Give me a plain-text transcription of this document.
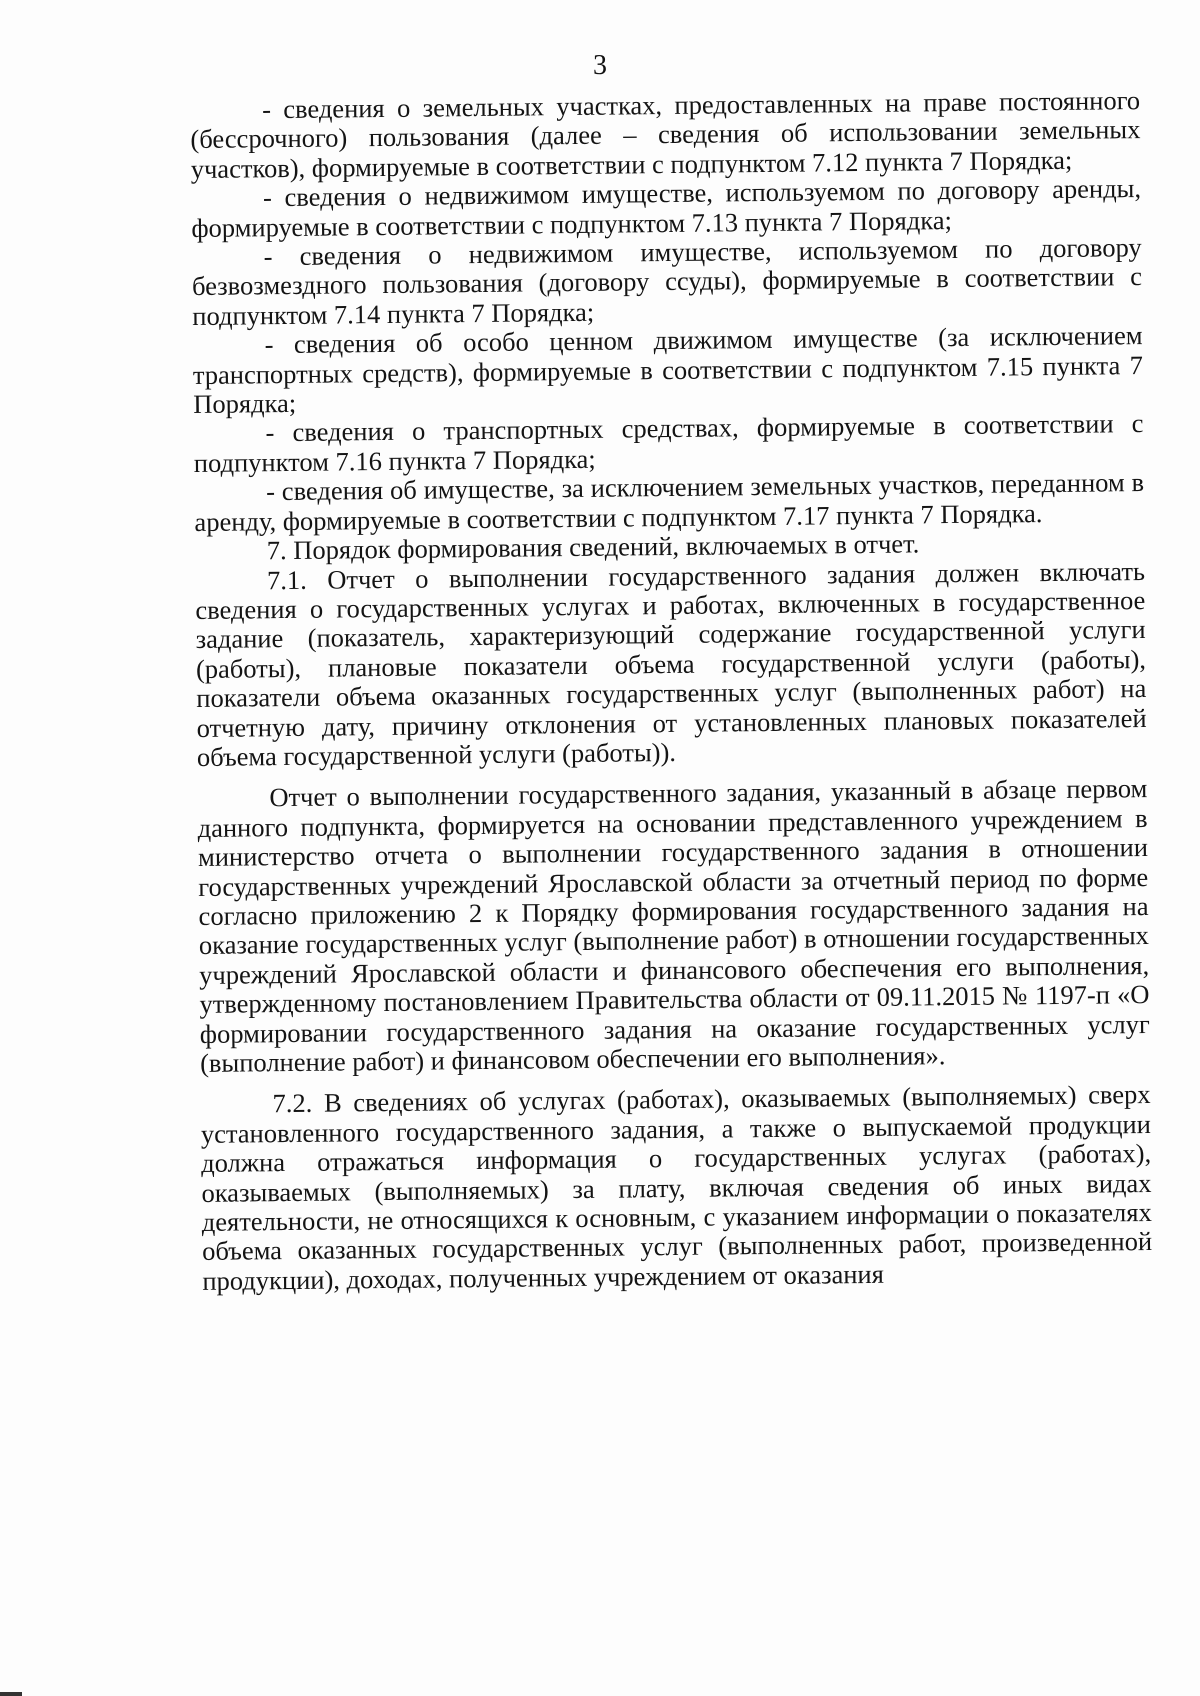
3

- сведения о земельных участках, предоставленных на праве постоянного (бессрочного) пользования (далее – сведения об использовании земельных участков), формируемые в соответствии с подпунктом 7.12 пункта 7 Порядка;

- сведения о недвижимом имуществе, используемом по договору аренды, формируемые в соответствии с подпунктом 7.13 пункта 7 Порядка;

- сведения о недвижимом имуществе, используемом по договору безвозмездного пользования (договору ссуды), формируемые в соответствии с подпунктом 7.14 пункта 7 Порядка;

- сведения об особо ценном движимом имуществе (за исключением транспортных средств), формируемые в соответствии с подпунктом 7.15 пункта 7 Порядка;

- сведения о транспортных средствах, формируемые в соответствии с подпунктом 7.16 пункта 7 Порядка;

- сведения об имуществе, за исключением земельных участков, переданном в аренду, формируемые в соответствии с подпунктом 7.17 пункта 7 Порядка.

7. Порядок формирования сведений, включаемых в отчет.

7.1. Отчет о выполнении государственного задания должен включать сведения о государственных услугах и работах, включенных в государственное задание (показатель, характеризующий содержание государственной услуги (работы), плановые показатели объема государственной услуги (работы), показатели объема оказанных государственных услуг (выполненных работ) на отчетную дату, причину отклонения от установленных плановых показателей объема государственной услуги (работы)).

Отчет о выполнении государственного задания, указанный в абзаце первом данного подпункта, формируется на основании представленного учреждением в министерство отчета о выполнении государственного задания в отношении государственных учреждений Ярославской области за отчетный период по форме согласно приложению 2 к Порядку формирования государственного задания на оказание государственных услуг (выполнение работ) в отношении государственных учреждений Ярославской области и финансового обеспечения его выполнения, утвержденному постановлением Правительства области от 09.11.2015 № 1197-п «О формировании государственного задания на оказание государственных услуг (выполнение работ) и финансовом обеспечении его выполнения».

7.2. В сведениях об услугах (работах), оказываемых (выполняемых) сверх установленного государственного задания, а также о выпускаемой продукции должна отражаться информация о государственных услугах (работах), оказываемых (выполняемых) за плату, включая сведения об иных видах деятельности, не относящихся к основным, с указанием информации о показателях объема оказанных государственных услуг (выполненных работ, произведенной продукции), доходах, полученных учреждением от оказания
